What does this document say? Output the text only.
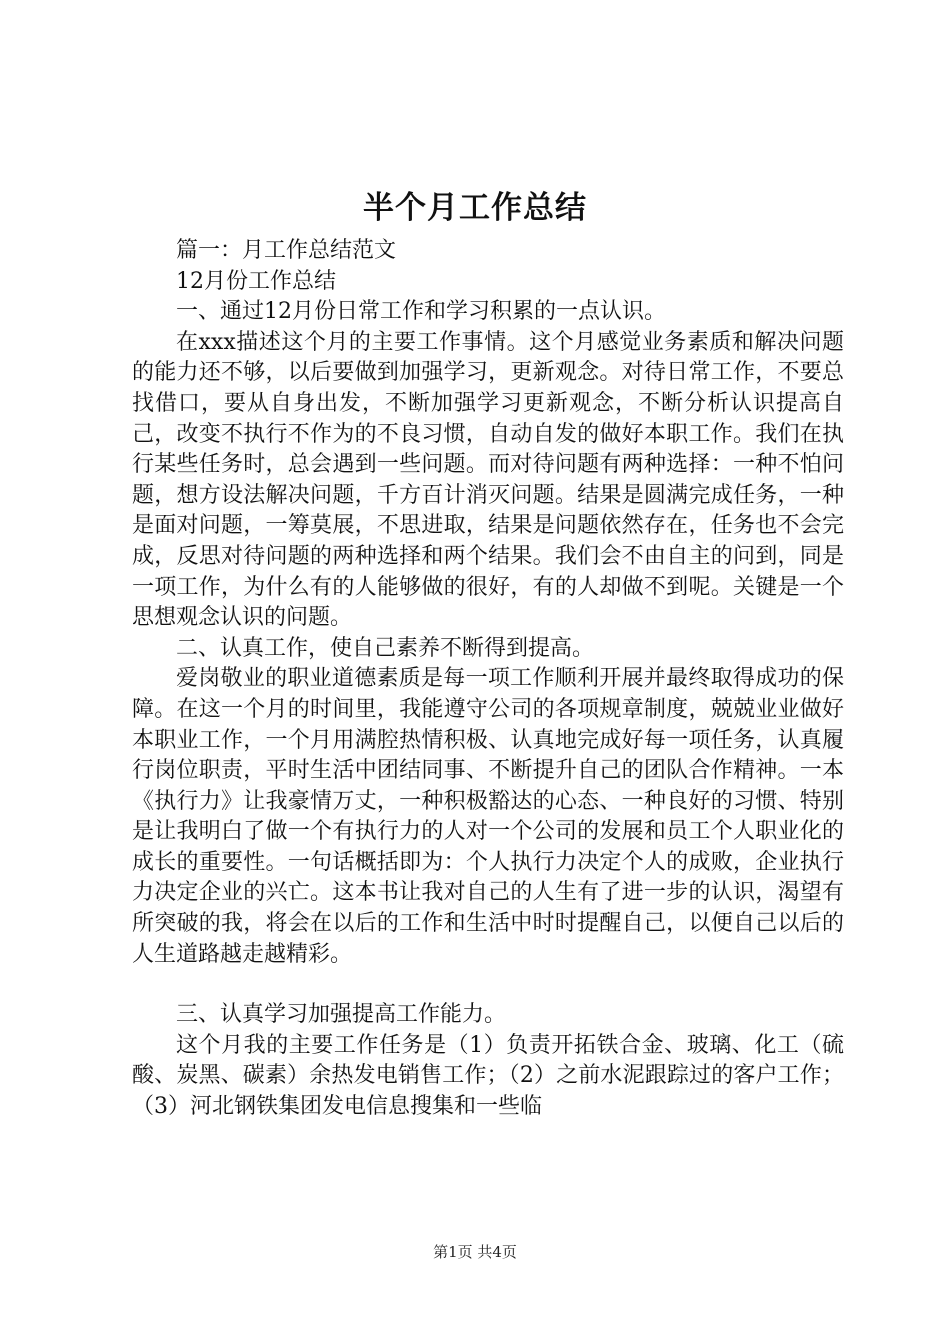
半个月工作总结

篇一：月工作总结范文

12月份工作总结

一、通过12月份日常工作和学习积累的一点认识。

在xxx描述这个月的主要工作事情。这个月感觉业务素质和解决问题的能力还不够，以后要做到加强学习，更新观念。对待日常工作，不要总找借口，要从自身出发，不断加强学习更新观念，不断分析认识提高自己，改变不执行不作为的不良习惯，自动自发的做好本职工作。我们在执行某些任务时，总会遇到一些问题。而对待问题有两种选择：一种不怕问题，想方设法解决问题，千方百计消灭问题。结果是圆满完成任务，一种是面对问题，一筹莫展，不思进取，结果是问题依然存在，任务也不会完成，反思对待问题的两种选择和两个结果。我们会不由自主的问到，同是一项工作，为什么有的人能够做的很好，有的人却做不到呢。关键是一个思想观念认识的问题。

二、认真工作，使自己素养不断得到提高。

爱岗敬业的职业道德素质是每一项工作顺利开展并最终取得成功的保障。在这一个月的时间里，我能遵守公司的各项规章制度，兢兢业业做好本职业工作，一个月用满腔热情积极、认真地完成好每一项任务，认真履行岗位职责，平时生活中团结同事、不断提升自己的团队合作精神。一本《执行力》让我豪情万丈，一种积极豁达的心态、一种良好的习惯、特别是让我明白了做一个有执行力的人对一个公司的发展和员工个人职业化的成长的重要性。一句话概括即为：个人执行力决定个人的成败，企业执行力决定企业的兴亡。这本书让我对自己的人生有了进一步的认识，渴望有所突破的我，将会在以后的工作和生活中时时提醒自己，以便自己以后的人生道路越走越精彩。

三、认真学习加强提高工作能力。

这个月我的主要工作任务是（1）负责开拓铁合金、玻璃、化工（硫酸、炭黑、碳素）余热发电销售工作；（2）之前水泥跟踪过的客户工作；（3）河北钢铁集团发电信息搜集和一些临

第1页 共4页
